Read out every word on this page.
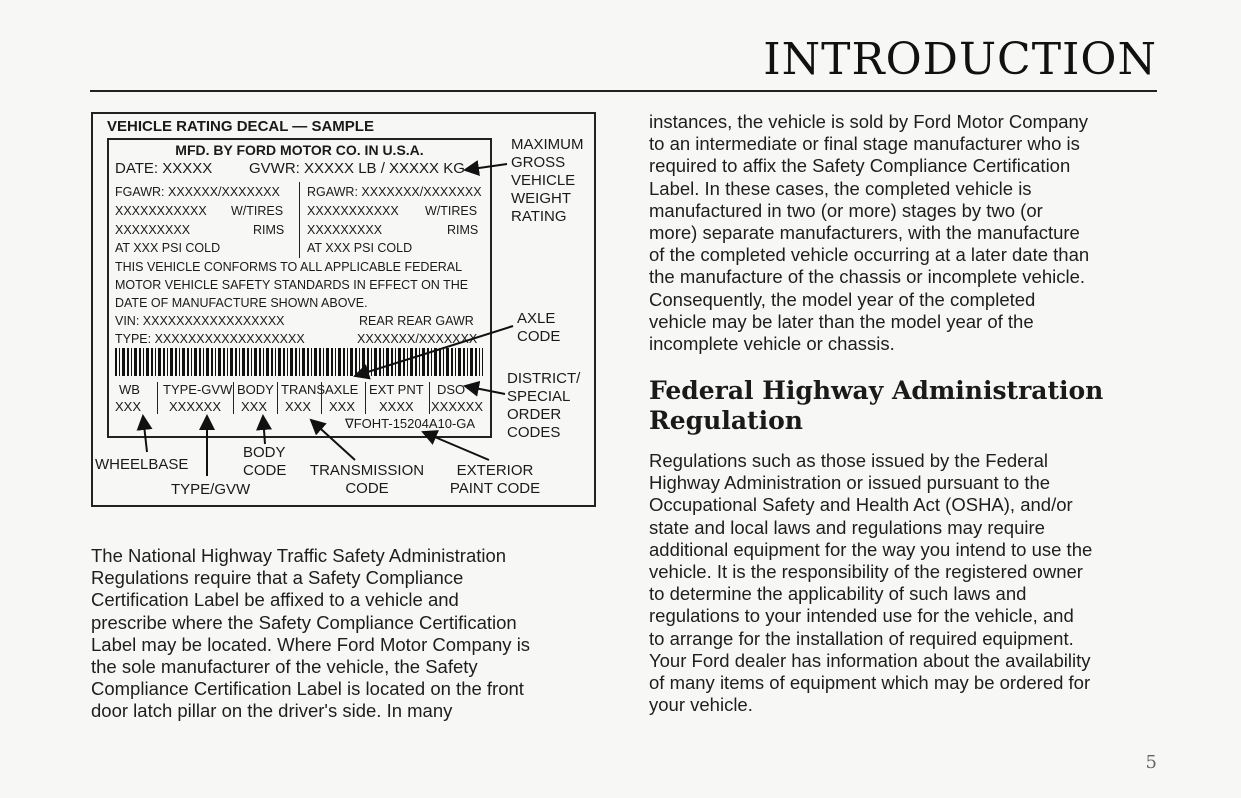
INTRODUCTION
VEHICLE RATING DECAL — SAMPLE
MFD. BY FORD MOTOR CO. IN U.S.A.
DATE: XXXXX GVWR: XXXXX LB / XXXXX KG
FGAWR: XXXXXX/XXXXXXX RGAWR: XXXXXXX/XXXXXXX
XXXXXXXXXXX W/TIRES XXXXXXXXXXX W/TIRES
XXXXXXXXX	RIMS XXXXXXXXX	RIMS
AT XXX PSI COLD	AT XXX PSI COLD
THIS VEHICLE CONFORMS TO ALL APPLICABLE FEDERAL
MOTOR VEHICLE SAFETY STANDARDS IN EFFECT ON THE
DATE OF MANUFACTURE SHOWN ABOVE.
VIN: XXXXXXXXXXXXXXXXX	REAR REAR GAWR
TYPE: XXXXXXXXXXXXXXXXXX	XXXXXXX/XXXXXXX
WB TYPE-GVW BODY TRANS AXLE EXT PNT DSO
XXX XXXXXX XXX XXX XXX XXXX XXXXXX
∇FOHT-15204A10-GA
MAXIMUM
GROSS
VEHICLE
WEIGHT
RATING
AXLE
CODE
DISTRICT/
SPECIAL
ORDER
CODES
WHEELBASE
BODY
CODE	TRANSMISSION
CODE
EXTERIOR
PAINT CODE
TYPE/GVW

The National Highway Traffic Safety Administration

Regulations require that a Safety Compliance

Certification Label be affixed to a vehicle and

prescribe where the Safety Compliance Certification

Label may be located. Where Ford Motor Company is

the sole manufacturer of the vehicle, the Safety

Compliance Certification Label is located on the front

door latch pillar on the driver's side. In many

instances, the vehicle is sold by Ford Motor Company

to an intermediate or final stage manufacturer who is

required to affix the Safety Compliance Certification

Label. In these cases, the completed vehicle is

manufactured in two (or more) stages by two (or

more) separate manufacturers, with the manufacture

of the completed vehicle occurring at a later date than

the manufacture of the chassis or incomplete vehicle.

Consequently, the model year of the completed

vehicle may be later than the model year of the

incomplete vehicle or chassis.

Federal Highway Administration Regulation

Regulations such as those issued by the Federal

Highway Administration or issued pursuant to the

Occupational Safety and Health Act (OSHA), and/or

state and local laws and regulations may require

additional equipment for the way you intend to use the

vehicle. It is the responsibility of the registered owner

to determine the applicability of such laws and

regulations to your intended use for the vehicle, and

to arrange for the installation of required equipment.

Your Ford dealer has information about the availability

of many items of equipment which may be ordered for

your vehicle.

5
